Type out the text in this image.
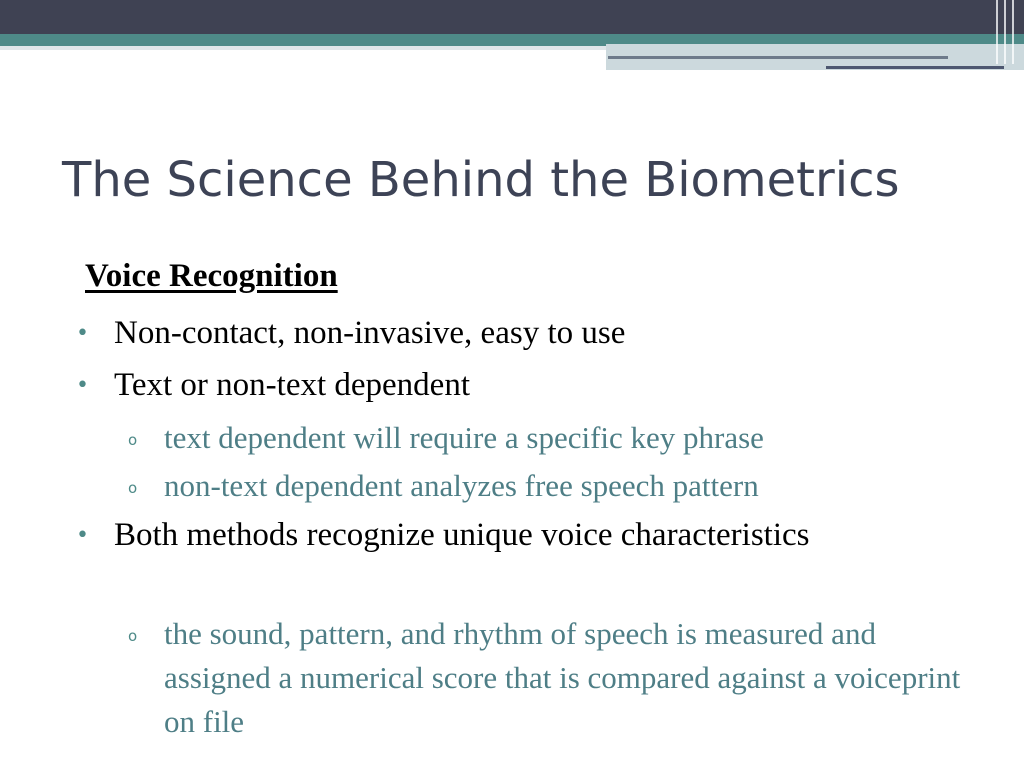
The Science Behind the Biometrics
Voice Recognition
• Non-contact, non-invasive, easy to use
• Text or non-text dependent
o text dependent will require a specific key phrase
o non-text dependent analyzes free speech pattern
• Both methods recognize unique voice characteristics
o the sound, pattern, and rhythm of speech is measured and assigned a numerical score that is compared against a voiceprint on file
